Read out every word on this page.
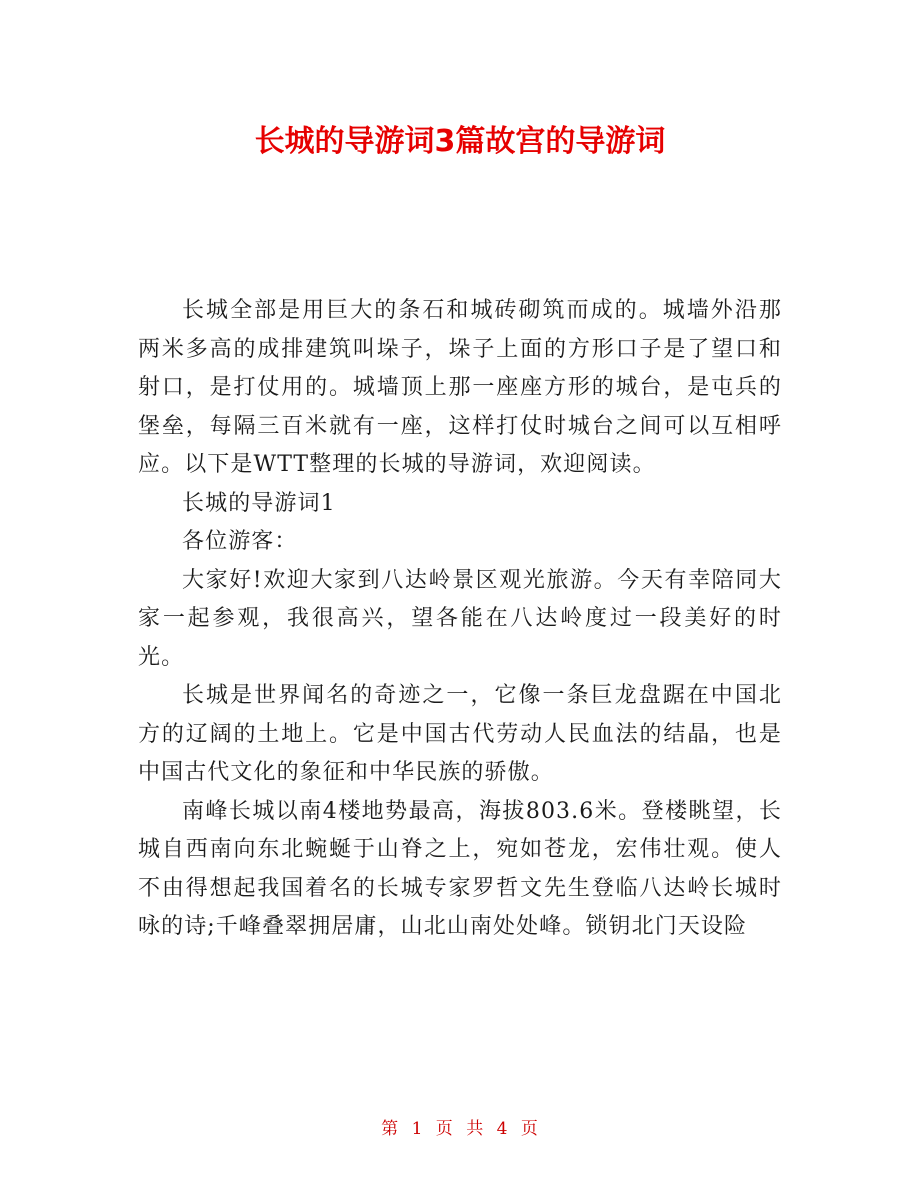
长城的导游词3篇故宫的导游词

长城全部是用巨大的条石和城砖砌筑而成的。城墙外沿那两米多高的成排建筑叫垛子，垛子上面的方形口子是了望口和射口，是打仗用的。城墙顶上那一座座方形的城台，是屯兵的堡垒，每隔三百米就有一座，这样打仗时城台之间可以互相呼应。以下是WTT整理的长城的导游词，欢迎阅读。

长城的导游词1

各位游客：

大家好!欢迎大家到八达岭景区观光旅游。今天有幸陪同大家一起参观，我很高兴，望各能在八达岭度过一段美好的时光。

长城是世界闻名的奇迹之一，它像一条巨龙盘踞在中国北方的辽阔的土地上。它是中国古代劳动人民血法的结晶，也是中国古代文化的象征和中华民族的骄傲。

南峰长城以南4楼地势最高，海拔803.6米。登楼眺望，长城自西南向东北蜿蜒于山脊之上，宛如苍龙，宏伟壮观。使人不由得想起我国着名的长城专家罗哲文先生登临八达岭长城时咏的诗;千峰叠翠拥居庸，山北山南处处峰。锁钥北门天设险

第 1 页 共 4 页
